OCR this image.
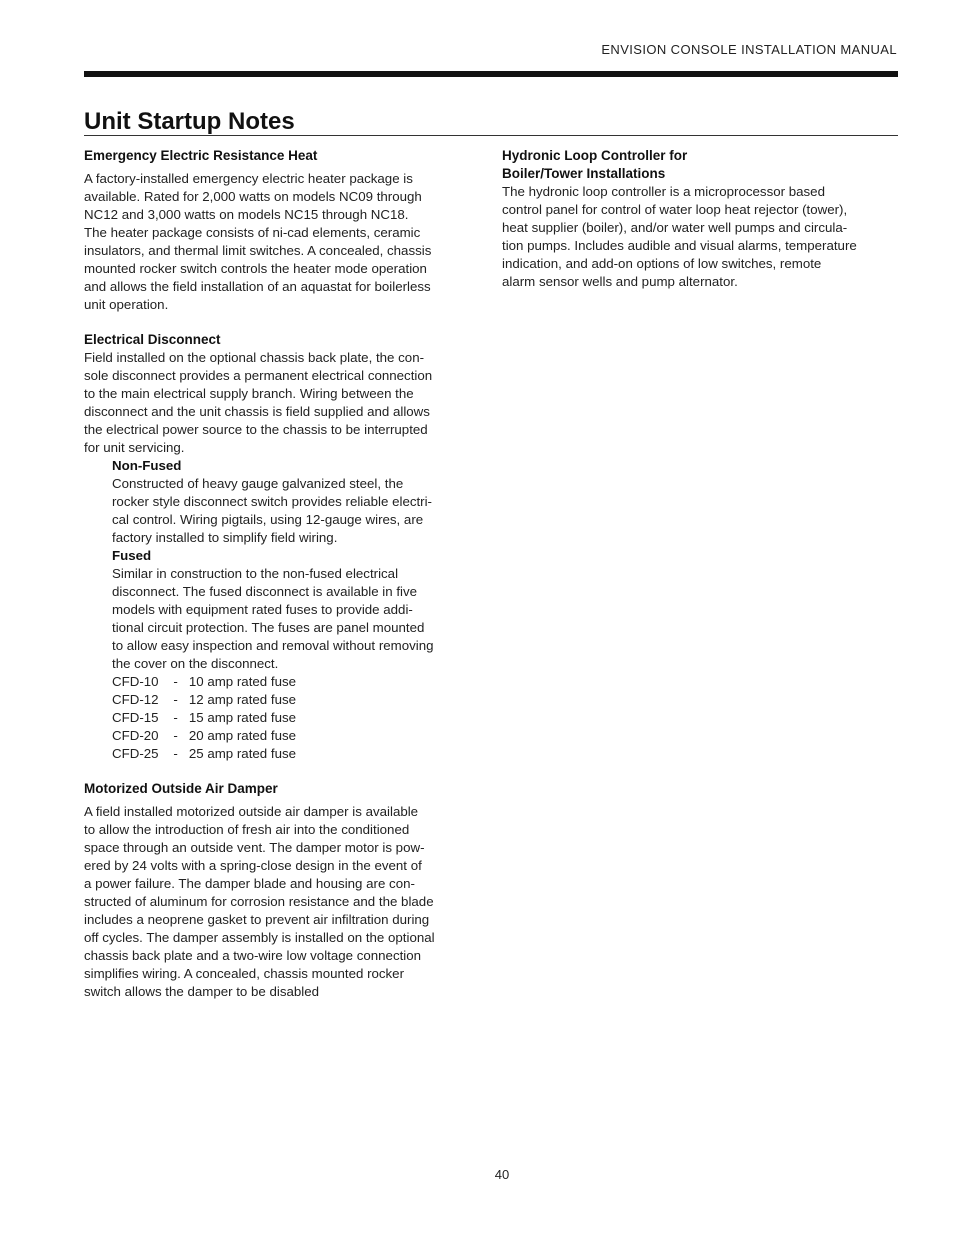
ENVISION CONSOLE INSTALLATION MANUAL
Unit Startup Notes
Emergency Electric Resistance Heat

A factory-installed emergency electric heater package is
available. Rated for 2,000 watts on models NC09 through
NC12 and 3,000 watts on models NC15 through NC18.
The heater package consists of ni-cad elements, ceramic
insulators, and thermal limit switches. A concealed, chassis
mounted rocker switch controls the heater mode operation
and allows the field installation of an aquastat for boilerless
unit operation.

Electrical Disconnect

Field installed on the optional chassis back plate, the con-
sole disconnect provides a permanent electrical connection
to the main electrical supply branch. Wiring between the
disconnect and the unit chassis is field supplied and allows
the electrical power source to the chassis to be interrupted
for unit servicing.

Non-Fused

Constructed of heavy gauge galvanized steel, the
rocker style disconnect switch provides reliable electri-
cal control. Wiring pigtails, using 12-gauge wires, are
factory installed to simplify field wiring.

Fused

Similar in construction to the non-fused electrical
disconnect. The fused disconnect is available in five
models with equipment rated fuses to provide addi-
tional circuit protection. The fuses are panel mounted
to allow easy inspection and removal without removing
the cover on the disconnect.

CFD-10    -   10 amp rated fuse
CFD-12    -   12 amp rated fuse
CFD-15    -   15 amp rated fuse
CFD-20    -   20 amp rated fuse
CFD-25    -   25 amp rated fuse
Motorized Outside Air Damper

A field installed motorized outside air damper is available
to allow the introduction of fresh air into the conditioned
space through an outside vent. The damper motor is pow-
ered by 24 volts with a spring-close design in the event of
a power failure. The damper blade and housing are con-
structed of aluminum for corrosion resistance and the blade
includes a neoprene gasket to prevent air infiltration during
off cycles. The damper assembly is installed on the optional
chassis back plate and a two-wire low voltage connection
simplifies wiring. A concealed, chassis mounted rocker
switch allows the damper to be disabled

Hydronic Loop Controller for
Boiler/Tower Installations

The hydronic loop controller is a microprocessor based
control panel for control of water loop heat rejector (tower),
heat supplier (boiler), and/or water well pumps and circula-
tion pumps. Includes audible and visual alarms, temperature
indication, and add-on options of low switches, remote
alarm sensor wells and pump alternator.

40
